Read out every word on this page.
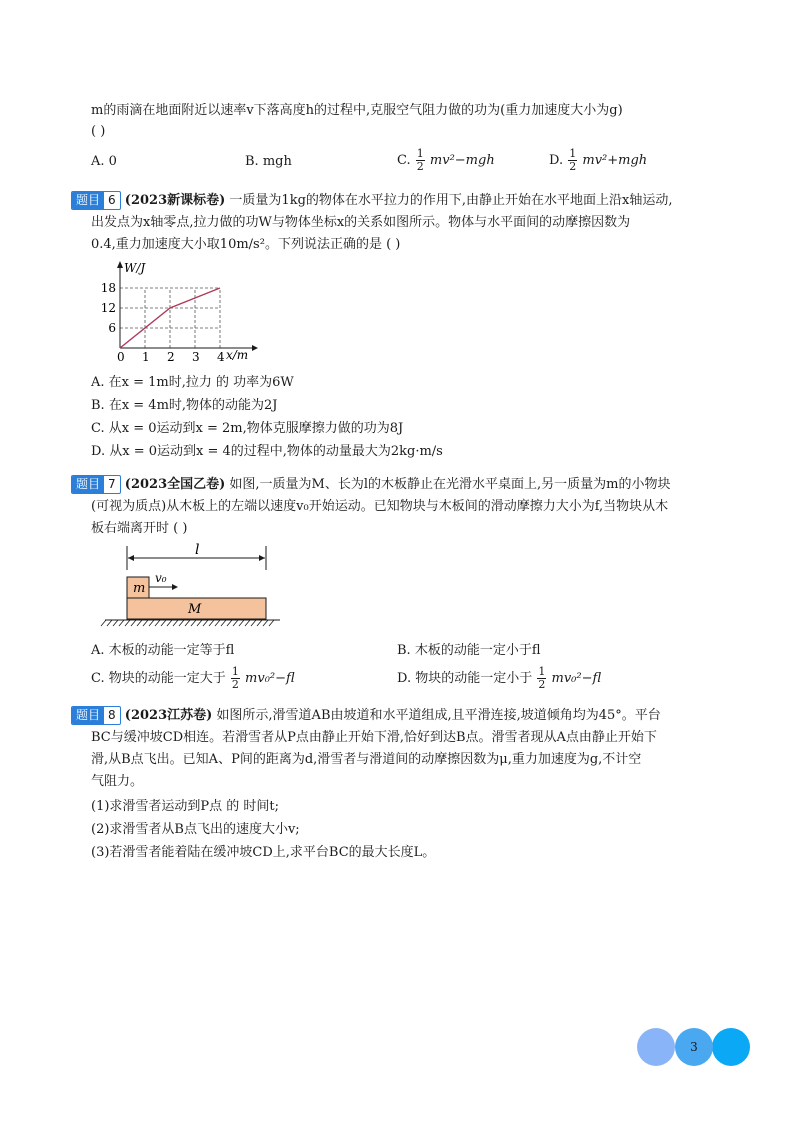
m的雨滴在地面附近以速率v下落高度h的过程中,克服空气阻力做的功为(重力加速度大小为g)
( )
A. 0	B. mgh	C. $\frac{1}{2} mv^2-mgh$	D. $\frac{1}{2} mv^2+mgh$
题目 6 (2023新课标卷) 一质量为1kg的物体在水平拉力的作用下,由静止开始在水平地面上沿x轴运动,
出发点为x轴零点,拉力做的功W与物体坐标x的关系如图所示。物体与水平面间的动摩擦因数为
0.4,重力加速度大小取10m/s²。下列说法正确的是 ( )
0 1 2 3 4
6
12
18
W/J
x/m
A. 在x = 1m时,拉力 的 功率为6W
B. 在x = 4m时,物体的动能为2J
C. 从x = 0运动到x = 2m,物体克服摩擦力做的功为8J
D. 从x = 0运动到x = 4的过程中,物体的动量最大为2kg·m/s
题目 7 (2023全国乙卷) 如图,一质量为M、长为l的木板静止在光滑水平桌面上,另一质量为m的小物块
(可视为质点)从木板上的左端以速度v₀开始运动。已知物块与木板间的滑动摩擦力大小为f,当物块从木
板右端离开时 ( )
l
m
v₀
M
A. 木板的动能一定等于fl	B. 木板的动能一定小于fl
C. 物块的动能一定大于 $\frac{1}{2} mv_0^2-fl$	D. 物块的动能一定小于 $\frac{1}{2} mv_0^2-fl$
题目 8 (2023江苏卷) 如图所示,滑雪道AB由坡道和水平道组成,且平滑连接,坡道倾角均为45°。平台
BC与缓冲坡CD相连。若滑雪者从P点由静止开始下滑,恰好到达B点。滑雪者现从A点由静止开始下
滑,从B点飞出。已知A、P间的距离为d,滑雪者与滑道间的动摩擦因数为μ,重力加速度为g,不计空
气阻力。
(1)求滑雪者运动到P点 的 时间t;
(2)求滑雪者从B点飞出的速度大小v;
(3)若滑雪者能着陆在缓冲坡CD上,求平台BC的最大长度L。
3
